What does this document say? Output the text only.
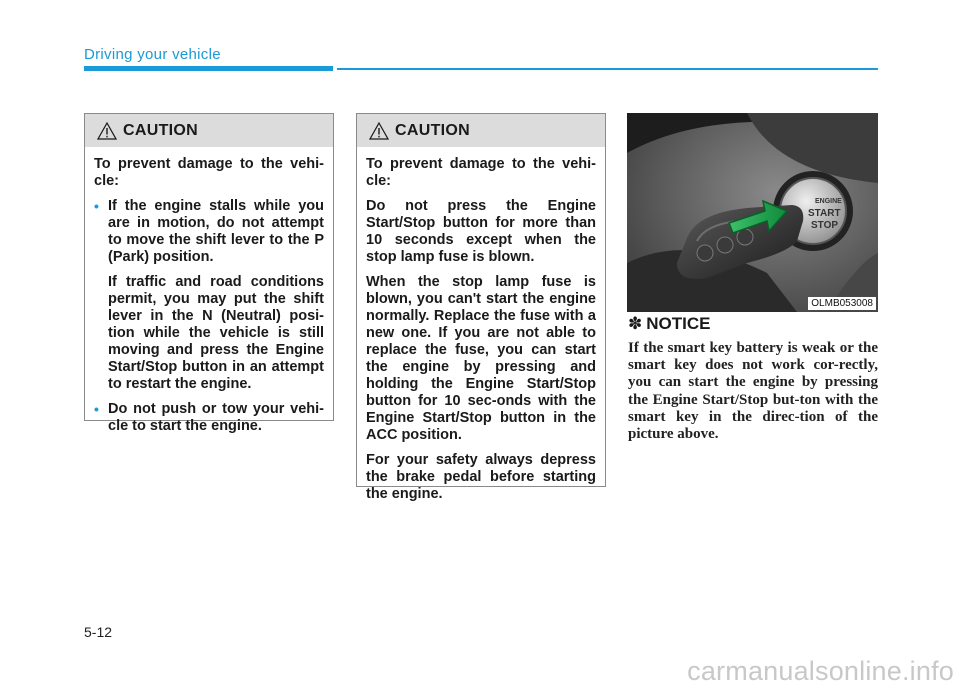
Driving your vehicle
CAUTION

To prevent damage to the vehi-cle:

• If the engine stalls while you are in motion, do not attempt to move the shift lever to the P (Park) position.

If traffic and road conditions permit, you may put the shift lever in the N (Neutral) posi-tion while the vehicle is still moving and press the Engine Start/Stop button in an attempt to restart the engine.

• Do not push or tow your vehi-cle to start the engine.

CAUTION

To prevent damage to the vehi-cle:

Do not press the Engine Start/Stop button for more than 10 seconds except when the stop lamp fuse is blown.

When the stop lamp fuse is blown, you can't start the engine normally. Replace the fuse with a new one. If you are not able to replace the fuse, you can start the engine by pressing and holding the Engine Start/Stop button for 10 sec-onds with the Engine Start/Stop button in the ACC position.

For your safety always depress the brake pedal before starting the engine.

ENGINE
START
STOP
OLMB053008
✽ NOTICE
If the smart key battery is weak or the smart key does not work cor-rectly, you can start the engine by pressing the Engine Start/Stop but-ton with the smart key in the direc-tion of the picture above.
5-12
carmanualsonline.info
